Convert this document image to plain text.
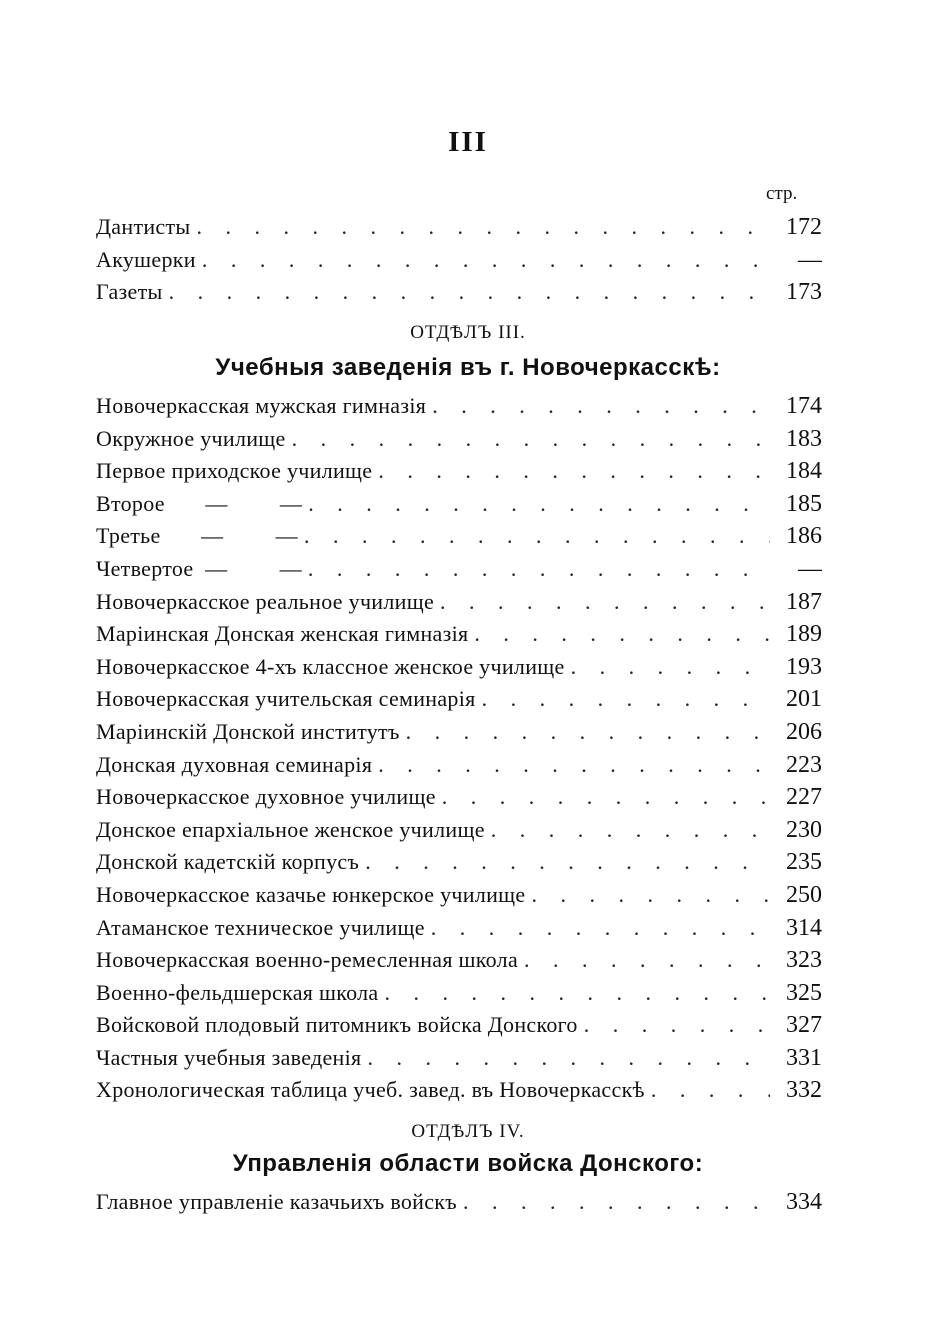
III
стр.
Дантисты . . .	172
Акушерки . . .	—
Газеты . . .	173
ОТДѢЛЪ III.
Учебныя заведенія въ г. Новочеркасскѣ:
Новочеркасская мужская гимназія . . .	174
Окружное училище . . .	183
Первое приходское училище . . .	184
Второе       —         — . . .	185
Третье       —         — . . .	186
Четвертое  —         — . . .	—
Новочеркасское реальное училище . . .	187
Маріинская Донская женская гимназія . . .	189
Новочеркасское 4-хъ классное женское училище . . .	193
Новочеркасская учительская семинарія . . .	201
Маріинскій Донской институтъ . . .	206
Донская духовная семинарія . . .	223
Новочеркасское духовное училище . . .	227
Донское епархіальное женское училище . . .	230
Донской кадетскій корпусъ . . .	235
Новочеркасское казачье юнкерское училище . . .	250
Атаманское техническое училище . . .	314
Новочеркасская военно-ремесленная школа . . .	323
Военно-фельдшерская школа . . .	325
Войсковой плодовый питомникъ войска Донского . . .	327
Частныя учебныя заведенія . . .	331
Хронологическая таблица учеб. завед. въ Новочеркасскѣ . . .	332
ОТДѢЛЪ IV.
Управленія области войска Донского:
Главное управленіе казачьихъ войскъ . . .	334
